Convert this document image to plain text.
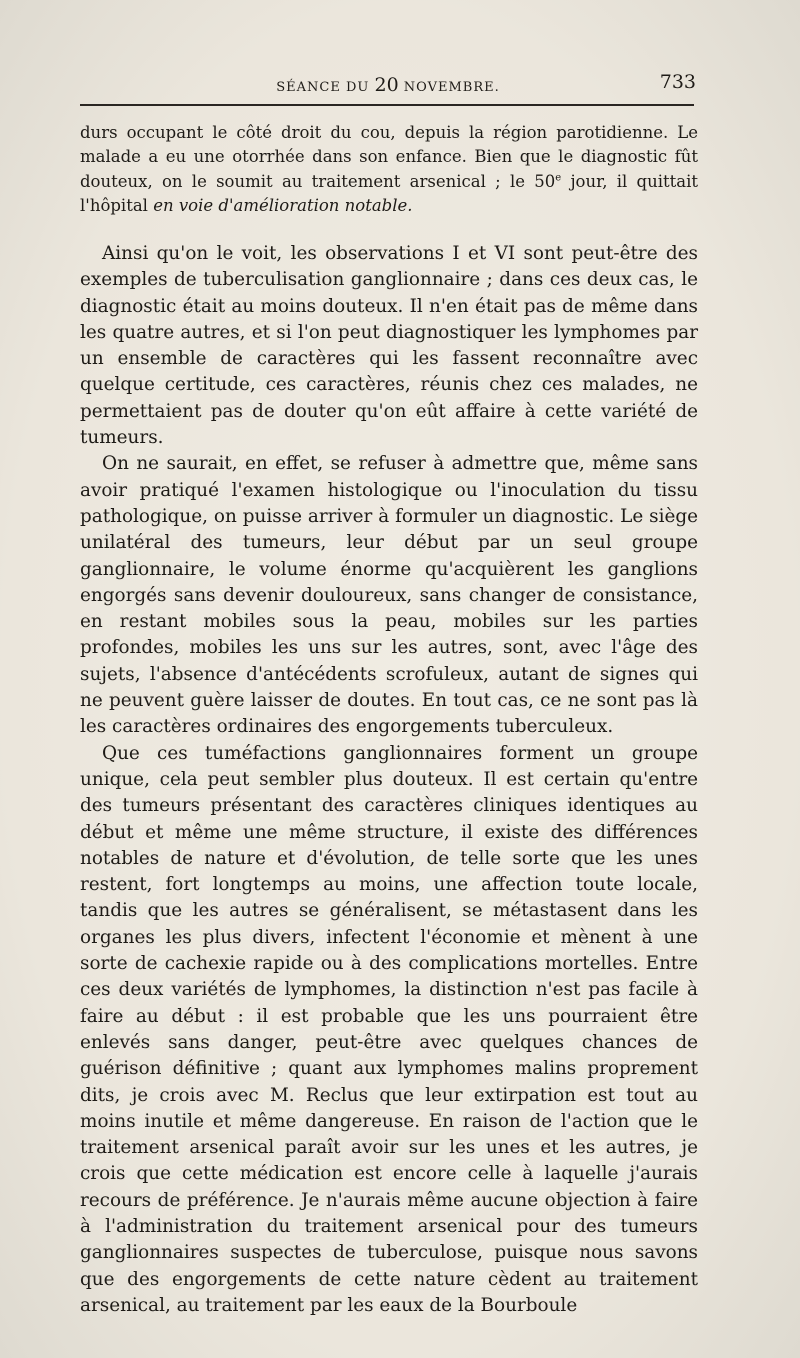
SÉANCE DU 20 NOVEMBRE.	733
durs occupant le côté droit du cou, depuis la région parotidienne. Le malade a eu une otorrhée dans son enfance. Bien que le diagnostic fût douteux, on le soumit au traitement arsenical ; le 50e jour, il quittait l'hôpital en voie d'amélioration notable.

Ainsi qu'on le voit, les observations I et VI sont peut-être des exemples de tuberculisation ganglionnaire ; dans ces deux cas, le diagnostic était au moins douteux. Il n'en était pas de même dans les quatre autres, et si l'on peut diagnostiquer les lymphomes par un ensemble de caractères qui les fassent reconnaître avec quelque certitude, ces caractères, réunis chez ces malades, ne permettaient pas de douter qu'on eût affaire à cette variété de tumeurs.

On ne saurait, en effet, se refuser à admettre que, même sans avoir pratiqué l'examen histologique ou l'inoculation du tissu pathologique, on puisse arriver à formuler un diagnostic. Le siège unilatéral des tumeurs, leur début par un seul groupe ganglionnaire, le volume énorme qu'acquièrent les ganglions engorgés sans devenir douloureux, sans changer de consistance, en restant mobiles sous la peau, mobiles sur les parties profondes, mobiles les uns sur les autres, sont, avec l'âge des sujets, l'absence d'antécédents scrofuleux, autant de signes qui ne peuvent guère laisser de doutes. En tout cas, ce ne sont pas là les caractères ordinaires des engorgements tuberculeux.

Que ces tuméfactions ganglionnaires forment un groupe unique, cela peut sembler plus douteux. Il est certain qu'entre des tumeurs présentant des caractères cliniques identiques au début et même une même structure, il existe des différences notables de nature et d'évolution, de telle sorte que les unes restent, fort longtemps au moins, une affection toute locale, tandis que les autres se généralisent, se métastasent dans les organes les plus divers, infectent l'économie et mènent à une sorte de cachexie rapide ou à des complications mortelles. Entre ces deux variétés de lymphomes, la distinction n'est pas facile à faire au début : il est probable que les uns pourraient être enlevés sans danger, peut-être avec quelques chances de guérison définitive ; quant aux lymphomes malins proprement dits, je crois avec M. Reclus que leur extirpation est tout au moins inutile et même dangereuse. En raison de l'action que le traitement arsenical paraît avoir sur les unes et les autres, je crois que cette médication est encore celle à laquelle j'aurais recours de préférence. Je n'aurais même aucune objection à faire à l'administration du traitement arsenical pour des tumeurs ganglionnaires suspectes de tuberculose, puisque nous savons que des engorgements de cette nature cèdent au traitement arsenical, au traitement par les eaux de la Bourboule
